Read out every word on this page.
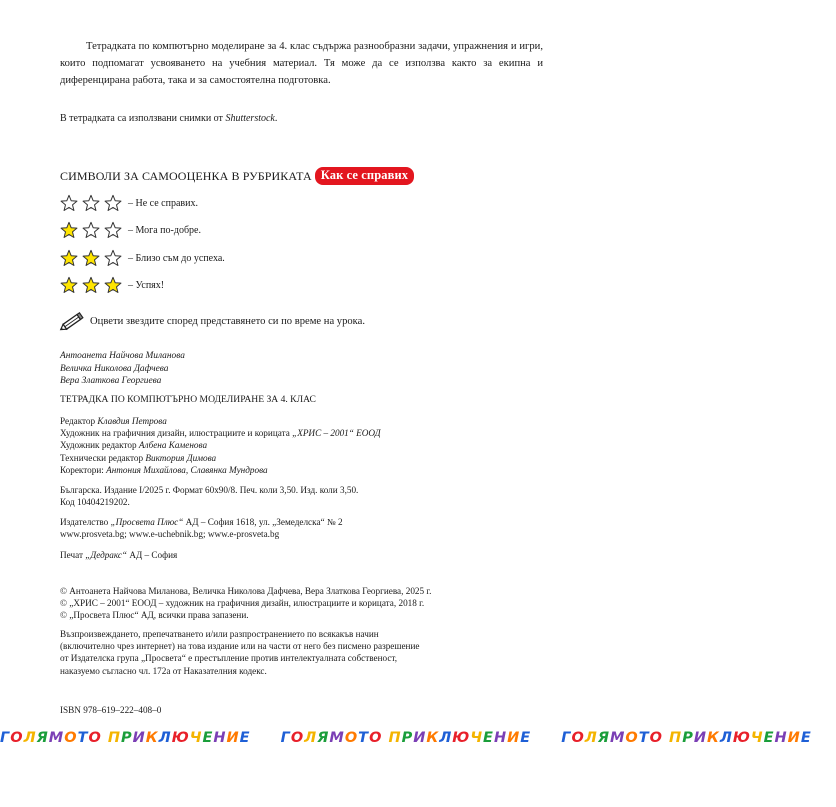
Тетрадката по компютърно моделиране за 4. клас съдържа разнообразни задачи, упражнения и игри, които подпомагат усвояването на учебния материал. Тя може да се използва както за екипна и диференцирана работа, така и за самостоятелна подготовка.

В тетрадката са използвани снимки от Shutterstock.
СИМВОЛИ ЗА САМООЦЕНКА В РУБРИКАТА Как се справих
– Не се справих.
– Мога по-добре.
– Близо съм до успеха.
– Успях!
Оцвети звездите според представянето си по време на урока.
Антоанета Найчова Миланова
Величка Николова Дафчева
Вера Златкова Георгиева
ТЕТРАДКА ПО КОМПЮТЪРНО МОДЕЛИРАНЕ ЗА 4. КЛАС
Редактор Клавдия Петрова
Художник на графичния дизайн, илюстрациите и корицата „ХРИС – 2001“ ЕООД
Художник редактор Албена Каменова
Технически редактор Виктория Димова
Коректори: Антония Михайлова, Славянка Мундрова
Българска. Издание I/2025 г. Формат 60х90/8. Печ. коли 3,50. Изд. коли 3,50.
Код 10404219202.
Издателство „Просвета Плюс“ АД – София 1618, ул. „Земеделска“ № 2
www.prosveta.bg; www.e-uchebnik.bg; www.e-prosveta.bg
Печат „Дедракс“ АД – София
© Антоанета Найчова Миланова, Величка Николова Дафчева, Вера Златкова Георгиева, 2025 г.
© „ХРИС – 2001“ ЕООД – художник на графичния дизайн, илюстрациите и корицата, 2018 г.
© „Просвета Плюс“ АД, всички права запазени.
Възпроизвеждането, препечатването и/или разпространението по всякакъв начин
(включително чрез интернет) на това издание или на части от него без писмено разрешение
от Издателска група „Просвета“ е престъпление против интелектуалната собственост,
наказуемо съгласно чл. 172а от Наказателния кодекс.
ISBN 978–619–222–408–0
ГОЛЯМОТО ПРИКЛЮЧЕНИЕ ГОЛЯМОТО ПРИКЛЮЧЕНИЕ ГОЛЯМОТО ПРИКЛЮЧЕНИЕ
